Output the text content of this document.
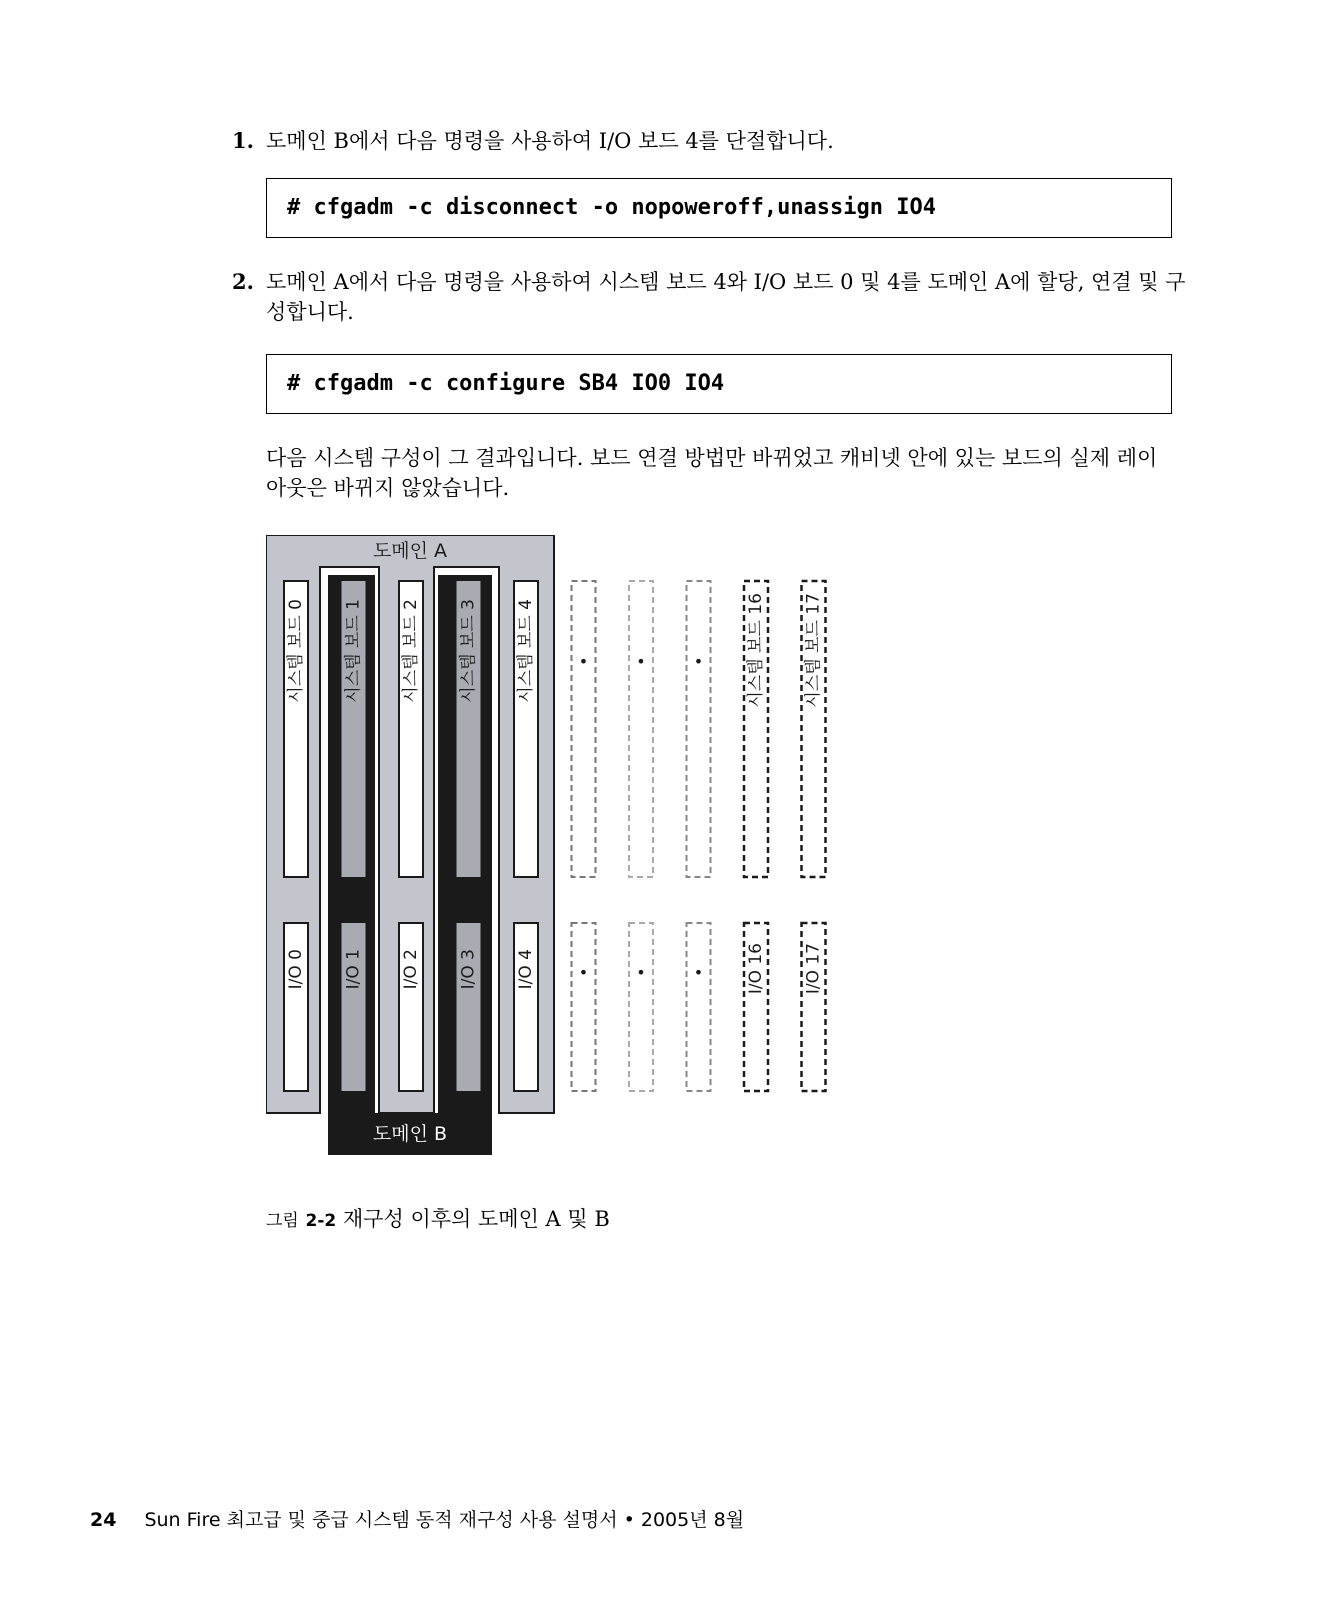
1. 도메인 B에서 다음 명령을 사용하여 I/O 보드 4를 단절합니다.
# cfgadm -c disconnect -o nopoweroff,unassign IO4
2. 도메인 A에서 다음 명령을 사용하여 시스템 보드 4와 I/O 보드 0 및 4를 도메인 A에 할당, 연결 및 구성합니다.
# cfgadm -c configure SB4 IO0 IO4
다음 시스템 구성이 그 결과입니다. 보드 연결 방법만 바뀌었고 캐비넷 안에 있는 보드의 실제 레이아웃은 바뀌지 않았습니다.
도메인 A
도메인 B
시스템 보드 0
I/O 0
시스템 보드 1
I/O 1
시스템 보드 2
I/O 2
시스템 보드 3
I/O 3
시스템 보드 4
I/O 4
•
•
•
•
•
•
시스템 보드 16
I/O 16
시스템 보드 17
I/O 17
그림 2-2 재구성 이후의 도메인 A 및 B
24 Sun Fire 최고급 및 중급 시스템 동적 재구성 사용 설명서 • 2005년 8월
